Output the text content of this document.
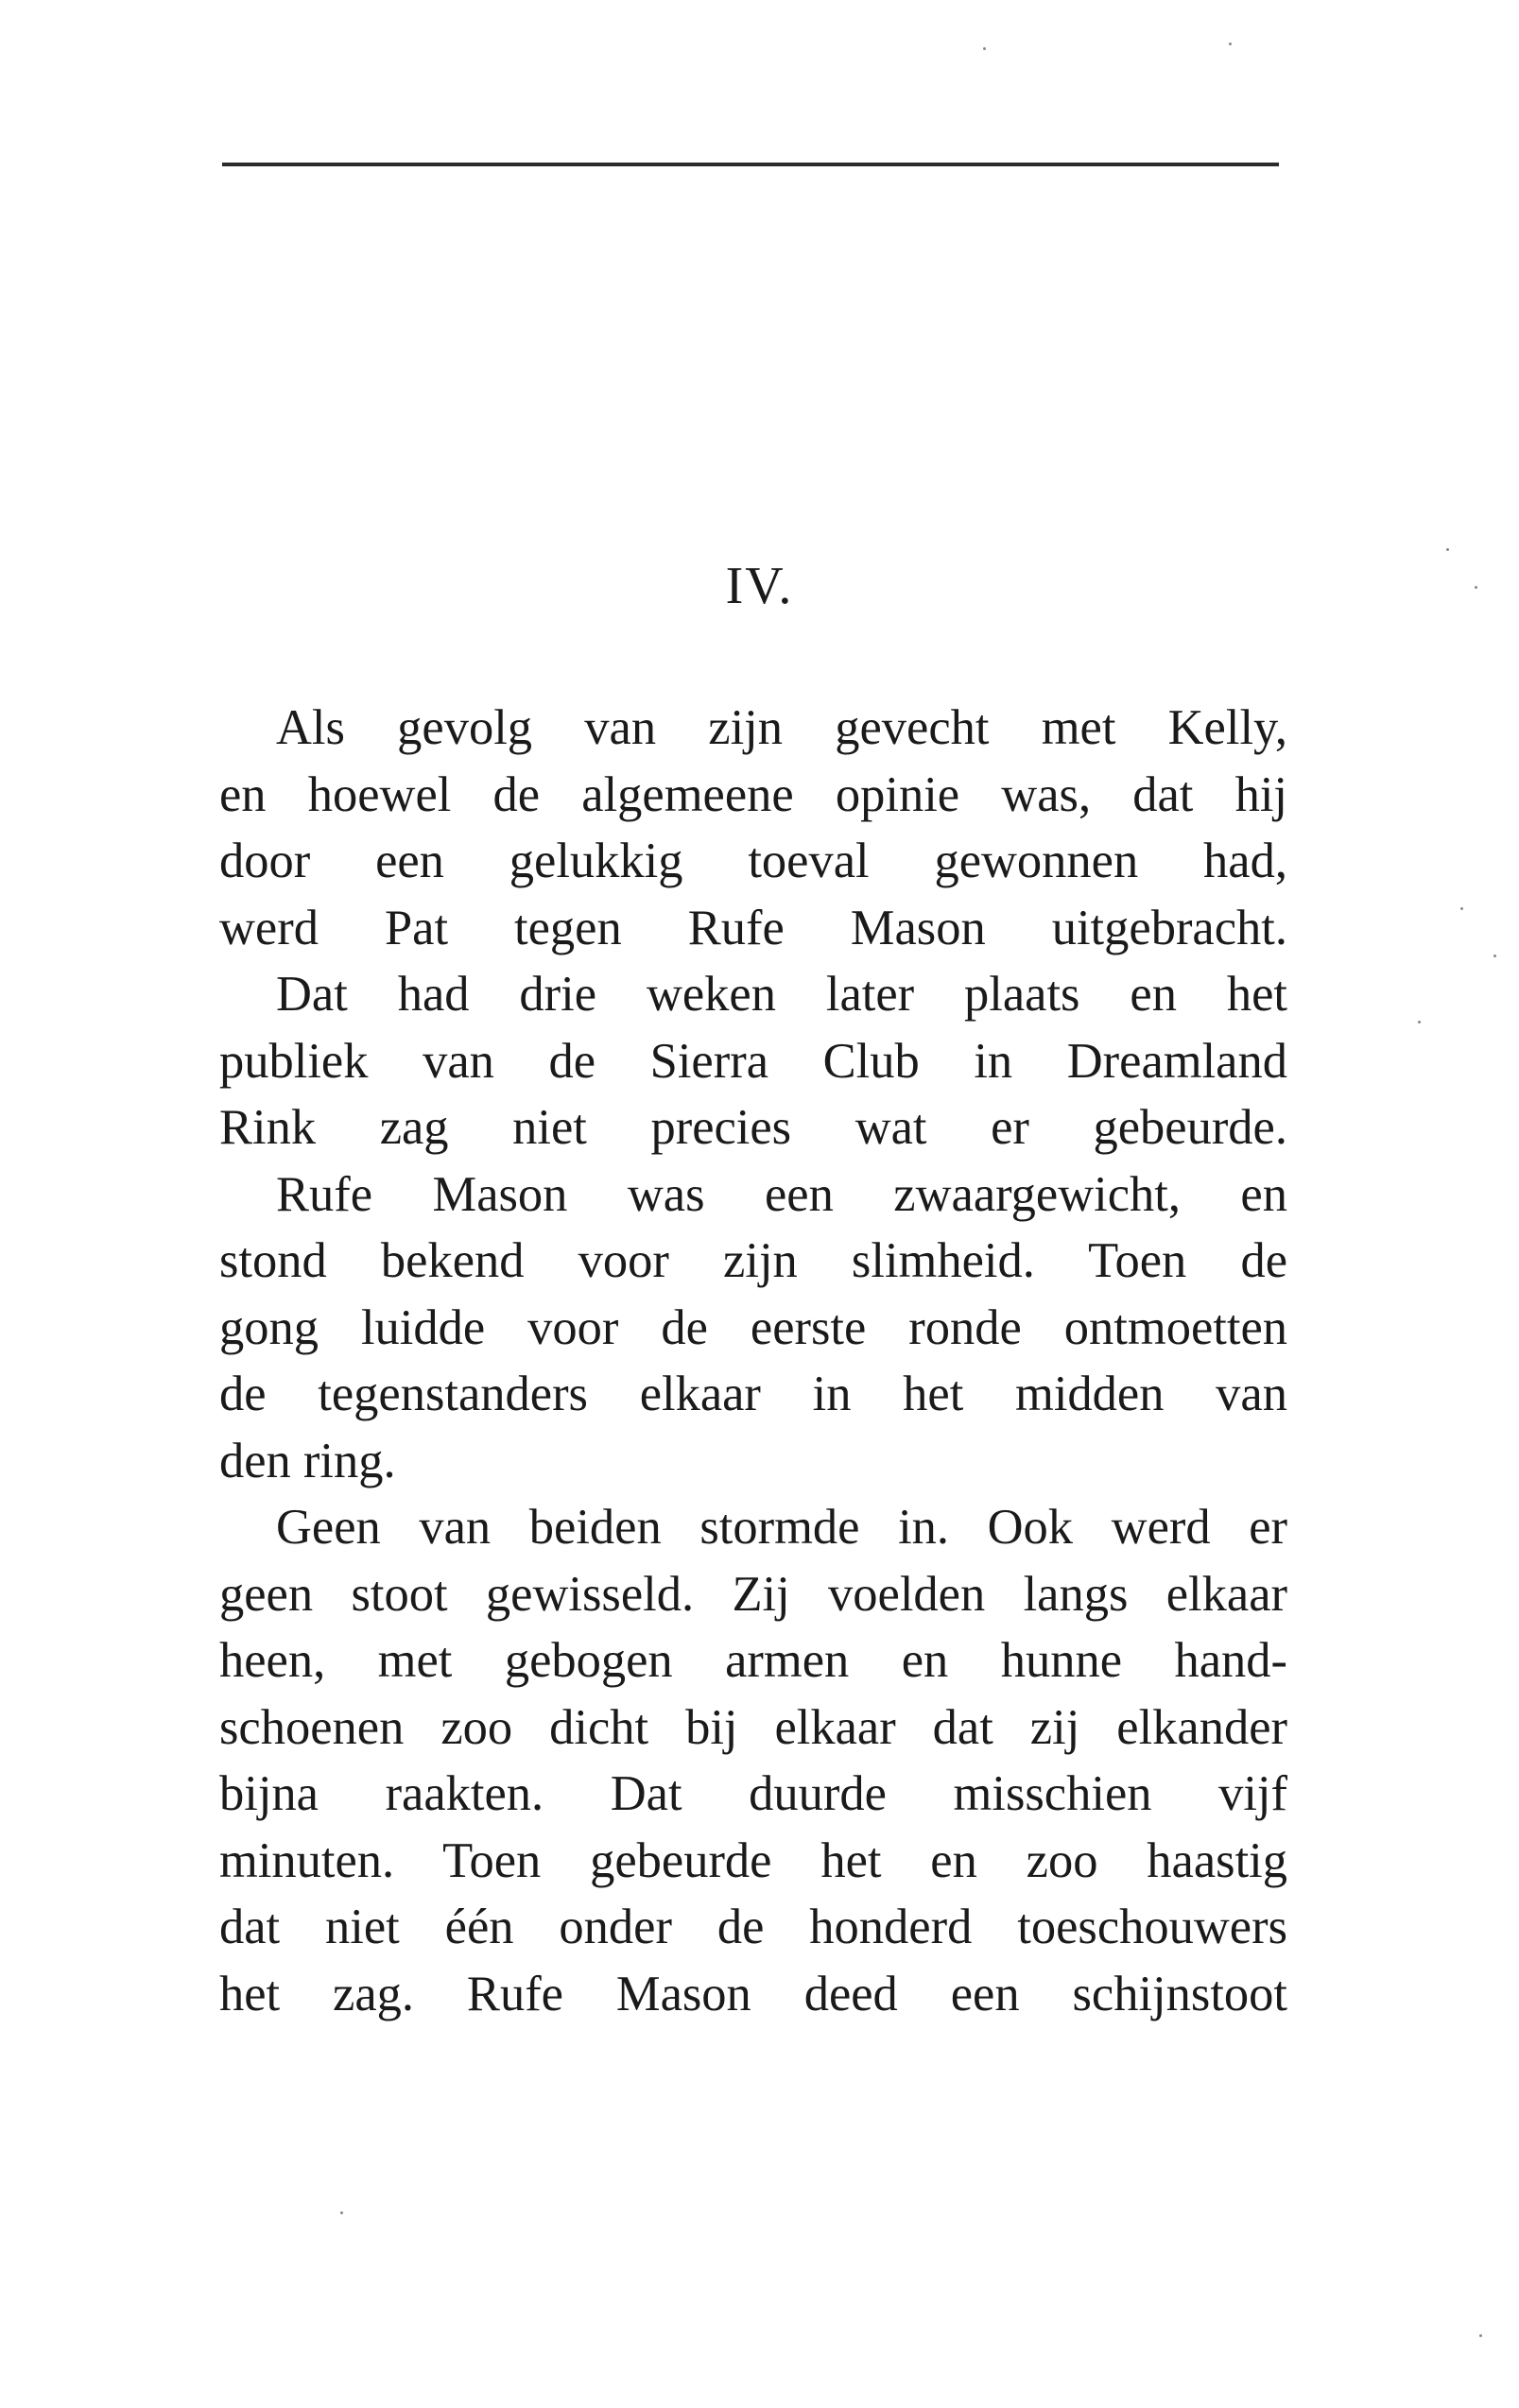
IV.
Als gevolg van zijn gevecht met Kelly,
en hoewel de algemeene opinie was, dat hij
door een gelukkig toeval gewonnen had,
werd Pat tegen Rufe Mason uitgebracht.
Dat had drie weken later plaats en het
publiek van de Sierra Club in Dreamland
Rink zag niet precies wat er gebeurde.
Rufe Mason was een zwaargewicht, en
stond bekend voor zijn slimheid. Toen de
gong luidde voor de eerste ronde ontmoetten
de tegenstanders elkaar in het midden van
den ring.
Geen van beiden stormde in. Ook werd er
geen stoot gewisseld. Zij voelden langs elkaar
heen, met gebogen armen en hunne hand-
schoenen zoo dicht bij elkaar dat zij elkander
bijna raakten. Dat duurde misschien vijf
minuten. Toen gebeurde het en zoo haastig
dat niet één onder de honderd toeschouwers
het zag. Rufe Mason deed een schijnstoot
